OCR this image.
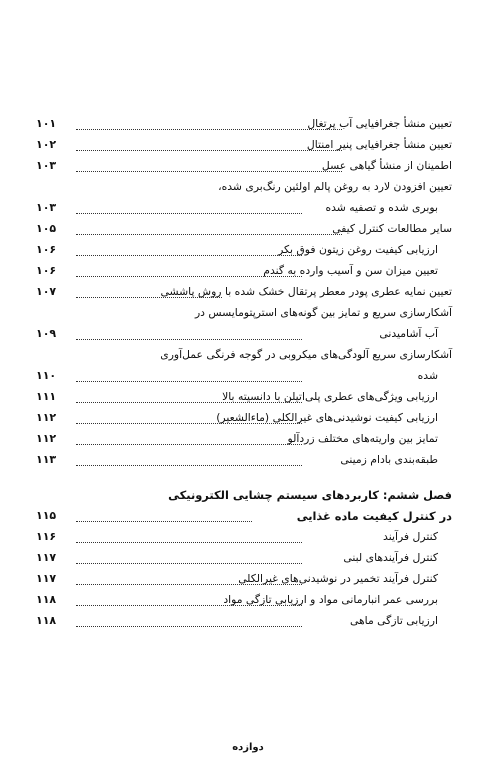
تعیین منشأ جغرافیایی آب پرتغال
۱۰۱
تعیین منشأ جغرافیایی پنیر امنتال
۱۰۲
اطمینان از منشأ گیاهی عسل
۱۰۳
تعیین افزودن لارد به روغن پالم اولئین رنگ‌بری شده،
بوبری شده و تصفیه شده
۱۰۳
سایر مطالعات کنترل کیفی
۱۰۵
ارزیابی کیفیت روغن زیتون فوق بکر
۱۰۶
تعیین میزان سن و آسیب وارده به گندم
۱۰۶
تعیین نمایه عطری پودر معطر پرتقال خشک شده با روش پاششی
۱۰۷
آشکارسازی سریع و تمایز بین گونه‌های استرپتومایسس در
آب آشامیدنی
۱۰۹
آشکارسازی سریع آلودگی‌های میکروبی در گوجه فرنگی عمل‌آوری
شده
۱۱۰
ارزیابی ویژگی‌های عطری پلی‌اتیلن با دانسیته بالا
۱۱۱
ارزیابی کیفیت نوشیدنی‌های غیرالکلی (ماءالشعیر)
۱۱۲
تمایز بین واریته‌های مختلف زردآلو
۱۱۲
طبقه‌بندی بادام زمینی
۱۱۳
فصل ششم: کاربردهای سیستم چشایی الکترونیکی
در کنترل کیفیت ماده غذایی
۱۱۵
کنترل فرآیند
۱۱۶
کنترل فرآیندهای لبنی
۱۱۷
کنترل فرآیند تخمیر در نوشیدنی‌های غیرالکلی
۱۱۷
بررسی عمر انبارمانی مواد و ارزیابی تازگی مواد
۱۱۸
ارزیابی تازگی ماهی
۱۱۸
دوازده
